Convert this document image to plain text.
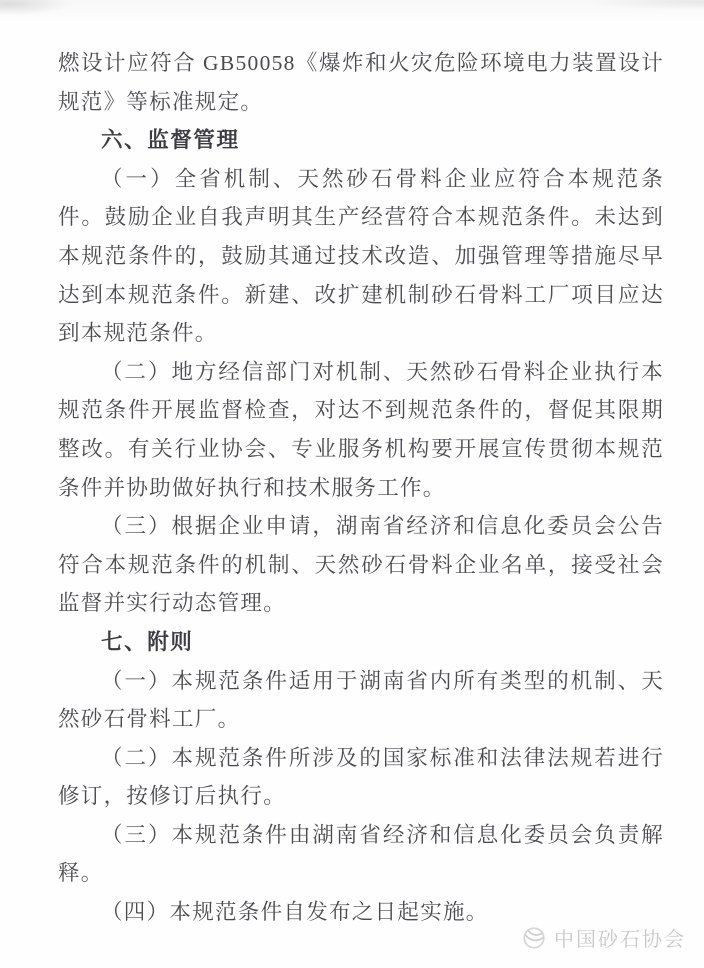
燃设计应符合 GB50058《爆炸和火灾危险环境电力装置设计规范》等标准规定。

六、监督管理

（一）全省机制、天然砂石骨料企业应符合本规范条件。鼓励企业自我声明其生产经营符合本规范条件。未达到本规范条件的，鼓励其通过技术改造、加强管理等措施尽早达到本规范条件。新建、改扩建机制砂石骨料工厂项目应达到本规范条件。

（二）地方经信部门对机制、天然砂石骨料企业执行本规范条件开展监督检查，对达不到规范条件的，督促其限期整改。有关行业协会、专业服务机构要开展宣传贯彻本规范条件并协助做好执行和技术服务工作。

（三）根据企业申请，湖南省经济和信息化委员会公告符合本规范条件的机制、天然砂石骨料企业名单，接受社会监督并实行动态管理。

七、附则

（一）本规范条件适用于湖南省内所有类型的机制、天然砂石骨料工厂。

（二）本规范条件所涉及的国家标准和法律法规若进行修订，按修订后执行。

（三）本规范条件由湖南省经济和信息化委员会负责解释。

（四）本规范条件自发布之日起实施。

中国砂石协会
